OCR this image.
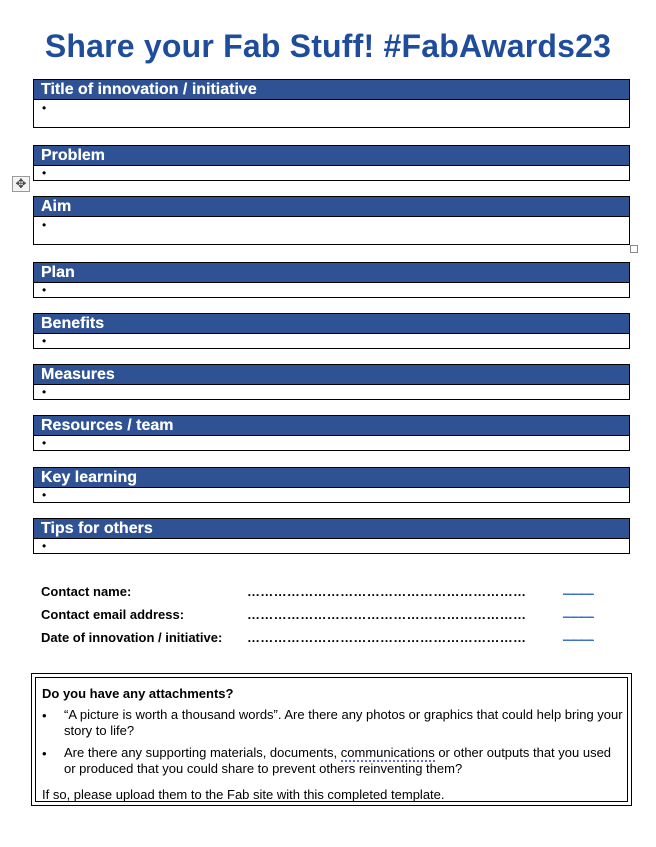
Share your Fab Stuff! #FabAwards23
Title of innovation / initiative
•
Problem
•
Aim
•
Plan
•
Benefits
•
Measures
•
Resources / team
•
Key learning
•
Tips for others
•
✥
Contact name:	………………………………………………………	____
Contact email address:	………………………………………………………	____
Date of innovation / initiative: ………………………………………………………	____
Do you have any attachments?
• “A picture is worth a thousand words”. Are there any photos or graphics that could help bring your story to life?
• Are there any supporting materials, documents, communications or other outputs that you used or produced that you could share to prevent others reinventing them?
If so, please upload them to the Fab site with this completed template.
